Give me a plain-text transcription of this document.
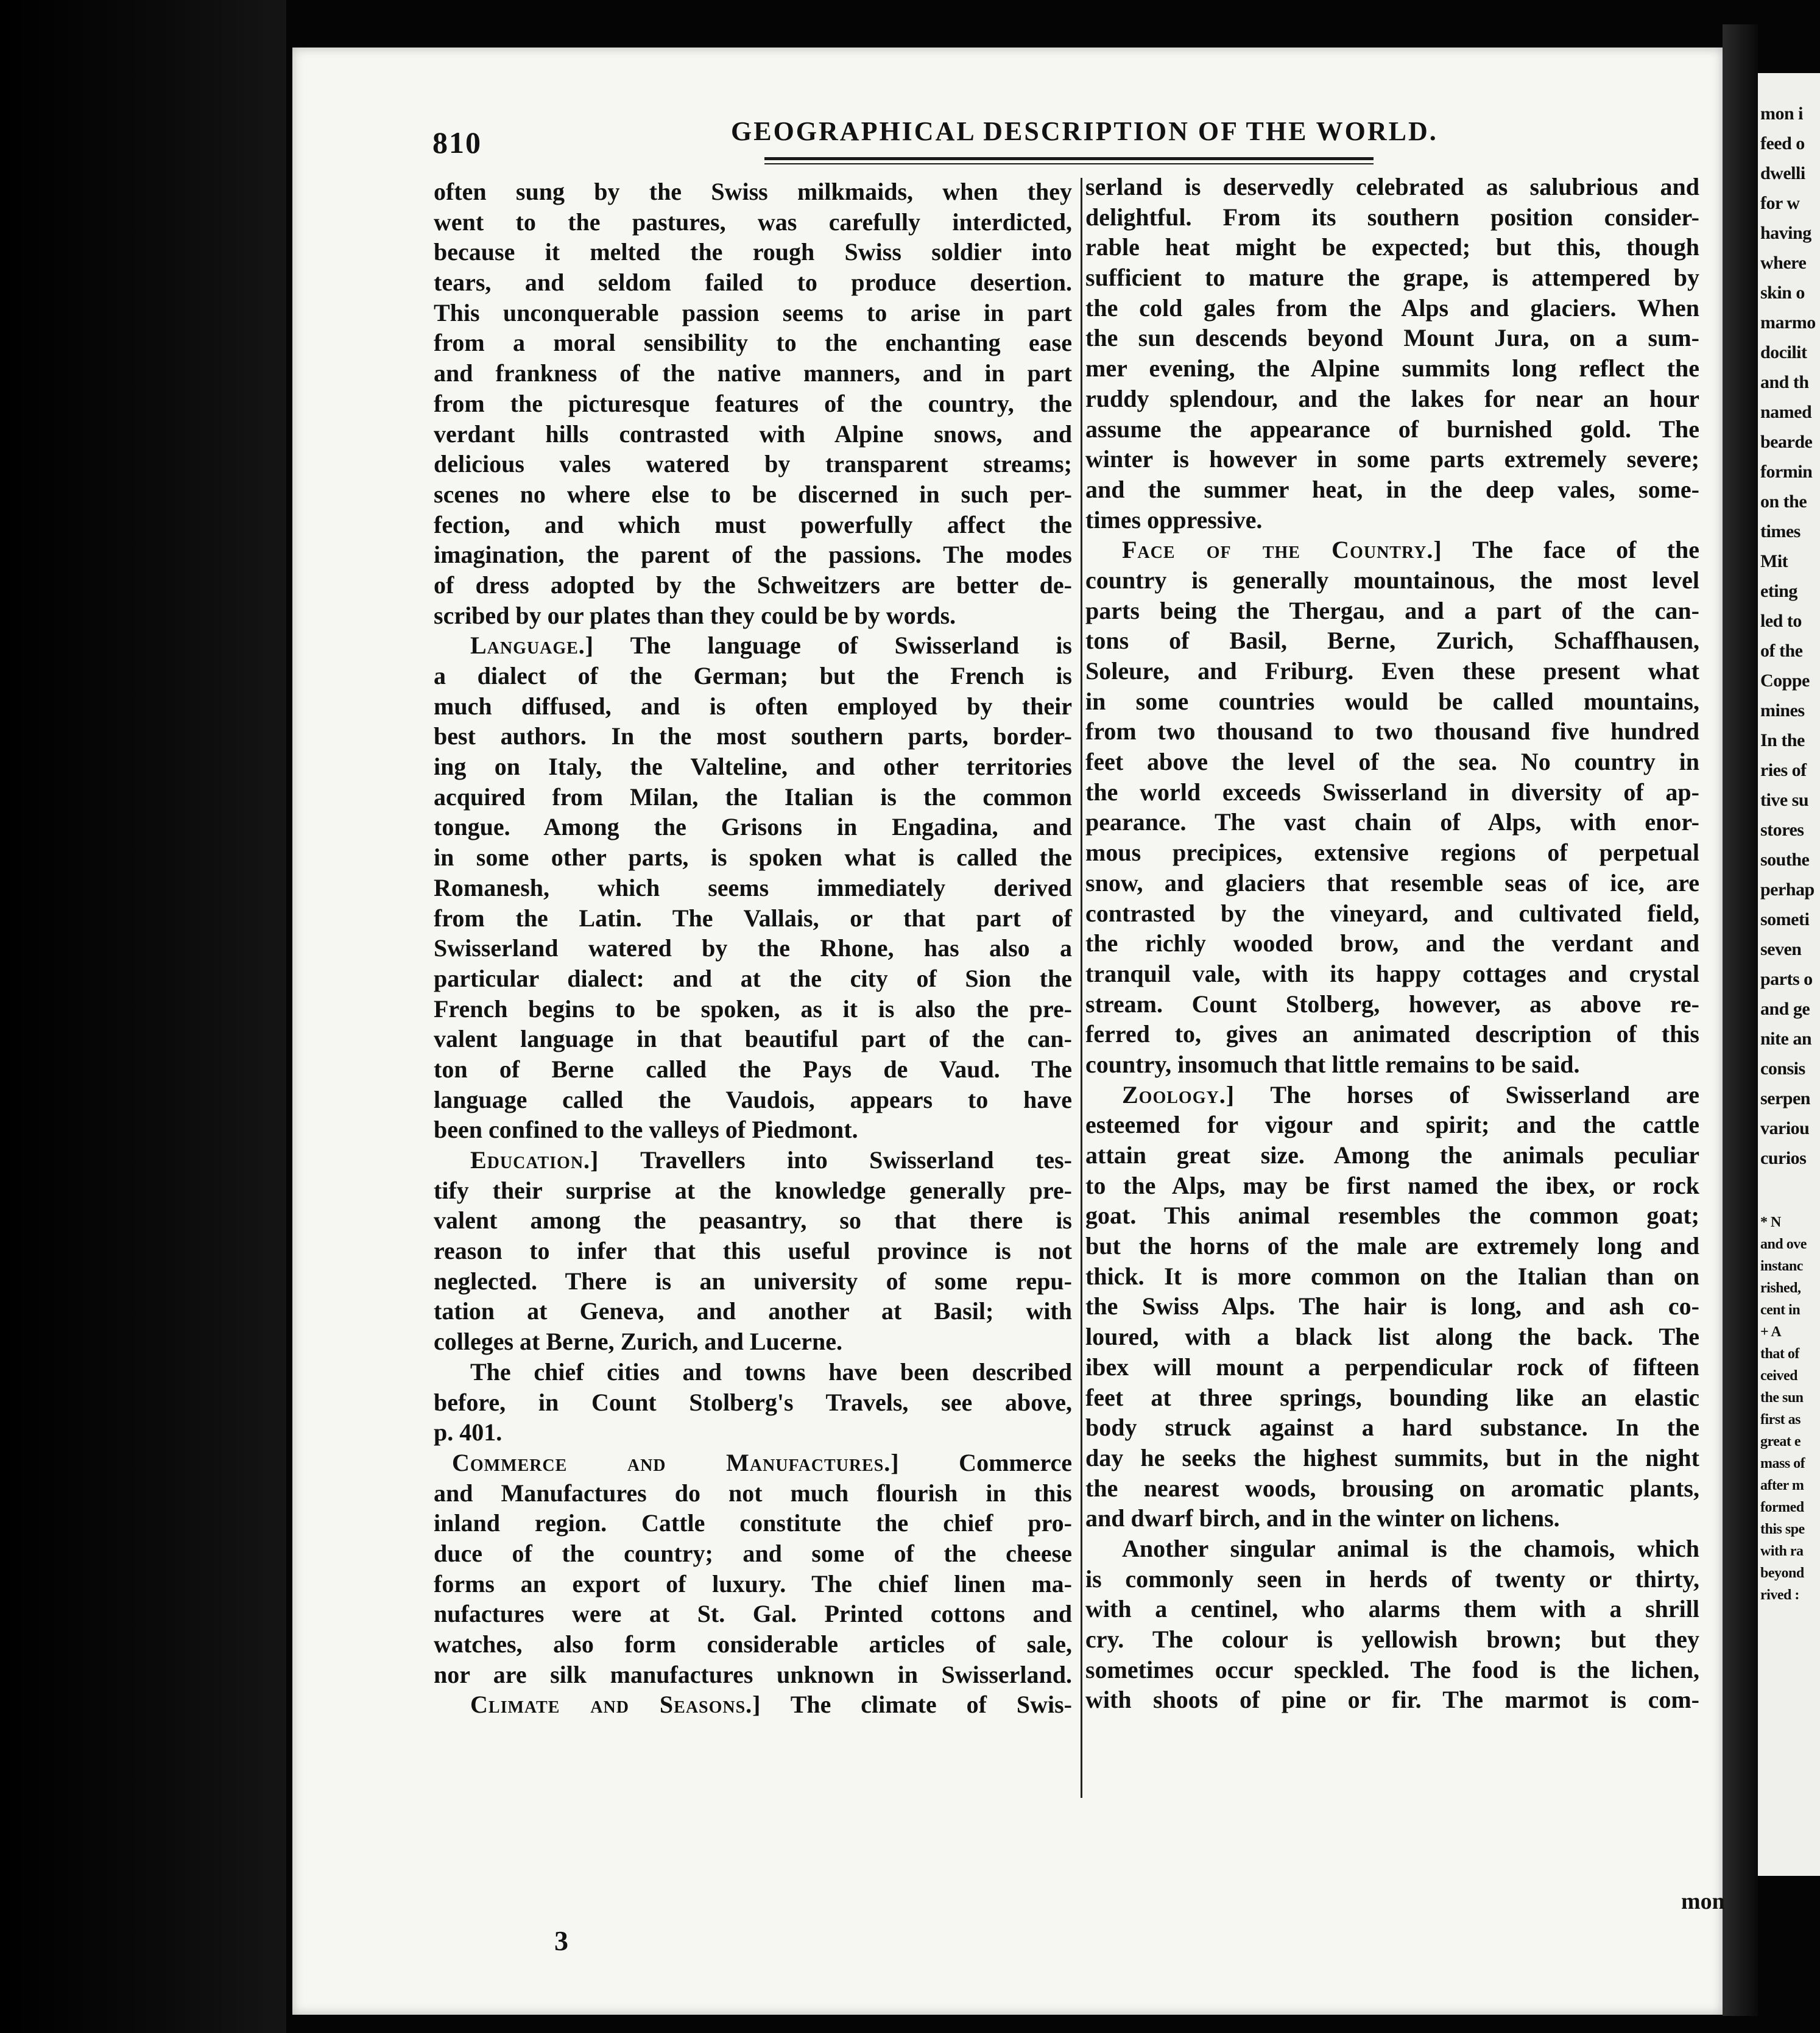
mon i
feed o
dwelli
for w
having
where
skin o
marmo
docilit
and th
named
bearde
formin
on the
times
Mit
eting
led to
of the
Coppe
mines
In the
ries of
tive su
stores
southe
perhap
someti
seven
parts o
and ge
nite an
consis
serpen
variou
curios
* N
and ove
instanc
rished,
cent in
+ A
that of
ceived
the sun
first as
great e
mass of
after m
formed
this spe
with ra
beyond
rived :
810	GEOGRAPHICAL DESCRIPTION OF THE WORLD.
often sung by the Swiss milkmaids, when they
went to the pastures, was carefully interdicted,
because it melted the rough Swiss soldier into
tears, and seldom failed to produce desertion.
This unconquerable passion seems to arise in part
from a moral sensibility to the enchanting ease
and frankness of the native manners, and in part
from the picturesque features of the country, the
verdant hills contrasted with Alpine snows, and
delicious vales watered by transparent streams;
scenes no where else to be discerned in such per-
fection, and which must powerfully affect the
imagination, the parent of the passions. The modes
of dress adopted by the Schweitzers are better de-
scribed by our plates than they could be by words.
Language.] The language of Swisserland is
a dialect of the German; but the French is
much diffused, and is often employed by their
best authors. In the most southern parts, border-
ing on Italy, the Valteline, and other territories
acquired from Milan, the Italian is the common
tongue. Among the Grisons in Engadina, and
in some other parts, is spoken what is called the
Romanesh, which seems immediately derived
from the Latin. The Vallais, or that part of
Swisserland watered by the Rhone, has also a
particular dialect: and at the city of Sion the
French begins to be spoken, as it is also the pre-
valent language in that beautiful part of the can-
ton of Berne called the Pays de Vaud. The
language called the Vaudois, appears to have
been confined to the valleys of Piedmont.
Education.] Travellers into Swisserland tes-
tify their surprise at the knowledge generally pre-
valent among the peasantry, so that there is
reason to infer that this useful province is not
neglected. There is an university of some repu-
tation at Geneva, and another at Basil; with
colleges at Berne, Zurich, and Lucerne.
The chief cities and towns have been described
before, in Count Stolberg's Travels, see above,
p. 401.
Commerce and Manufactures.] Commerce
and Manufactures do not much flourish in this
inland region. Cattle constitute the chief pro-
duce of the country; and some of the cheese
forms an export of luxury. The chief linen ma-
nufactures were at St. Gal. Printed cottons and
watches, also form considerable articles of sale,
nor are silk manufactures unknown in Swisserland.
Climate and Seasons.] The climate of Swis-
serland is deservedly celebrated as salubrious and
delightful. From its southern position consider-
rable heat might be expected; but this, though
sufficient to mature the grape, is attempered by
the cold gales from the Alps and glaciers. When
the sun descends beyond Mount Jura, on a sum-
mer evening, the Alpine summits long reflect the
ruddy splendour, and the lakes for near an hour
assume the appearance of burnished gold. The
winter is however in some parts extremely severe;
and the summer heat, in the deep vales, some-
times oppressive.
Face of the Country.] The face of the
country is generally mountainous, the most level
parts being the Thergau, and a part of the can-
tons of Basil, Berne, Zurich, Schaffhausen,
Soleure, and Friburg. Even these present what
in some countries would be called mountains,
from two thousand to two thousand five hundred
feet above the level of the sea. No country in
the world exceeds Swisserland in diversity of ap-
pearance. The vast chain of Alps, with enor-
mous precipices, extensive regions of perpetual
snow, and glaciers that resemble seas of ice, are
contrasted by the vineyard, and cultivated field,
the richly wooded brow, and the verdant and
tranquil vale, with its happy cottages and crystal
stream. Count Stolberg, however, as above re-
ferred to, gives an animated description of this
country, insomuch that little remains to be said.
Zoology.] The horses of Swisserland are
esteemed for vigour and spirit; and the cattle
attain great size. Among the animals peculiar
to the Alps, may be first named the ibex, or rock
goat. This animal resembles the common goat;
but the horns of the male are extremely long and
thick. It is more common on the Italian than on
the Swiss Alps. The hair is long, and ash co-
loured, with a black list along the back. The
ibex will mount a perpendicular rock of fifteen
feet at three springs, bounding like an elastic
body struck against a hard substance. In the
day he seeks the highest summits, but in the night
the nearest woods, brousing on aromatic plants,
and dwarf birch, and in the winter on lichens.
Another singular animal is the chamois, which
is commonly seen in herds of twenty or thirty,
with a centinel, who alarms them with a shrill
cry. The colour is yellowish brown; but they
sometimes occur speckled. The food is the lichen,
with shoots of pine or fir. The marmot is com-
mon
3
